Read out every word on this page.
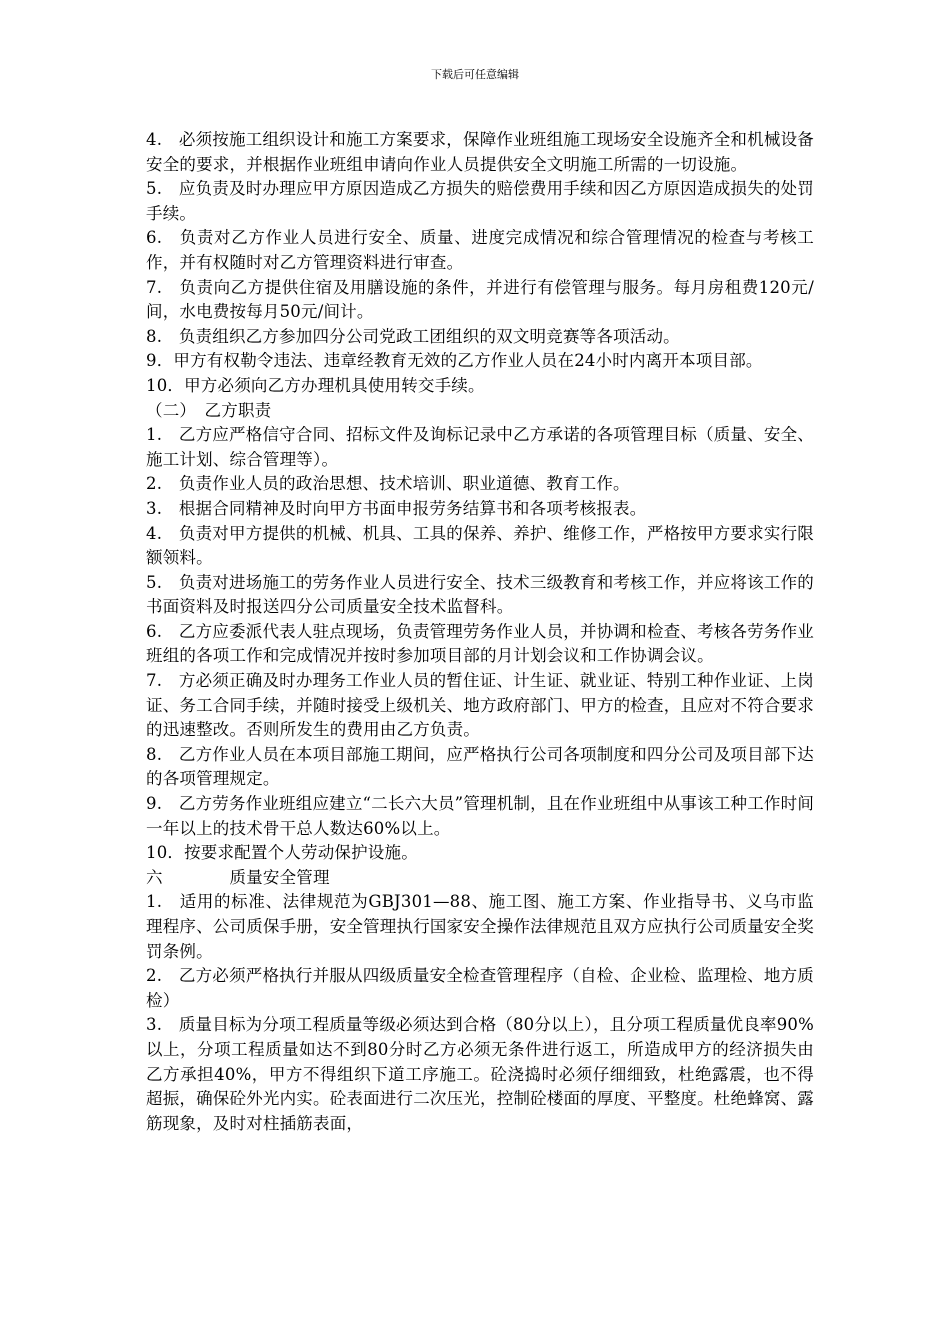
下载后可任意编辑

4.　必须按施工组织设计和施工方案要求，保障作业班组施工现场安全设施齐全和机械设备安全的要求，并根据作业班组申请向作业人员提供安全文明施工所需的一切设施。

5.　应负责及时办理应甲方原因造成乙方损失的赔偿费用手续和因乙方原因造成损失的处罚手续。

6.　负责对乙方作业人员进行安全、质量、进度完成情况和综合管理情况的检查与考核工作，并有权随时对乙方管理资料进行审查。

7.　负责向乙方提供住宿及用膳设施的条件，并进行有偿管理与服务。每月房租费120元/间，水电费按每月50元/间计。

8.　负责组织乙方参加四分公司党政工团组织的双文明竞赛等各项活动。

9．甲方有权勒令违法、违章经教育无效的乙方作业人员在24小时内离开本项目部。

10．甲方必须向乙方办理机具使用转交手续。

（二）　乙方职责

1.　乙方应严格信守合同、招标文件及询标记录中乙方承诺的各项管理目标（质量、安全、施工计划、综合管理等）。

2.　负责作业人员的政治思想、技术培训、职业道德、教育工作。

3.　根据合同精神及时向甲方书面申报劳务结算书和各项考核报表。

4.　负责对甲方提供的机械、机具、工具的保养、养护、维修工作，严格按甲方要求实行限额领料。

5.　负责对进场施工的劳务作业人员进行安全、技术三级教育和考核工作，并应将该工作的书面资料及时报送四分公司质量安全技术监督科。

6.　乙方应委派代表人驻点现场，负责管理劳务作业人员，并协调和检查、考核各劳务作业班组的各项工作和完成情况并按时参加项目部的月计划会议和工作协调会议。

7.　方必须正确及时办理务工作业人员的暂住证、计生证、就业证、特别工种作业证、上岗证、务工合同手续，并随时接受上级机关、地方政府部门、甲方的检查，且应对不符合要求的迅速整改。否则所发生的费用由乙方负责。

8.　乙方作业人员在本项目部施工期间，应严格执行公司各项制度和四分公司及项目部下达的各项管理规定。

9.　乙方劳务作业班组应建立“二长六大员”管理机制，且在作业班组中从事该工种工作时间一年以上的技术骨干总人数达60%以上。

10．按要求配置个人劳动保护设施。

六　　　　质量安全管理

1.　适用的标准、法律规范为GBJ301—88、施工图、施工方案、作业指导书、义乌市监理程序、公司质保手册，安全管理执行国家安全操作法律规范且双方应执行公司质量安全奖罚条例。

2.　乙方必须严格执行并服从四级质量安全检查管理程序（自检、企业检、监理检、地方质检）

3.　质量目标为分项工程质量等级必须达到合格（80分以上），且分项工程质量优良率90%以上，分项工程质量如达不到80分时乙方必须无条件进行返工，所造成甲方的经济损失由乙方承担40%，甲方不得组织下道工序施工。砼浇捣时必须仔细细致，杜绝露震，也不得超振，确保砼外光内实。砼表面进行二次压光，控制砼楼面的厚度、平整度。杜绝蜂窝、露筋现象，及时对柱插筋表面，
